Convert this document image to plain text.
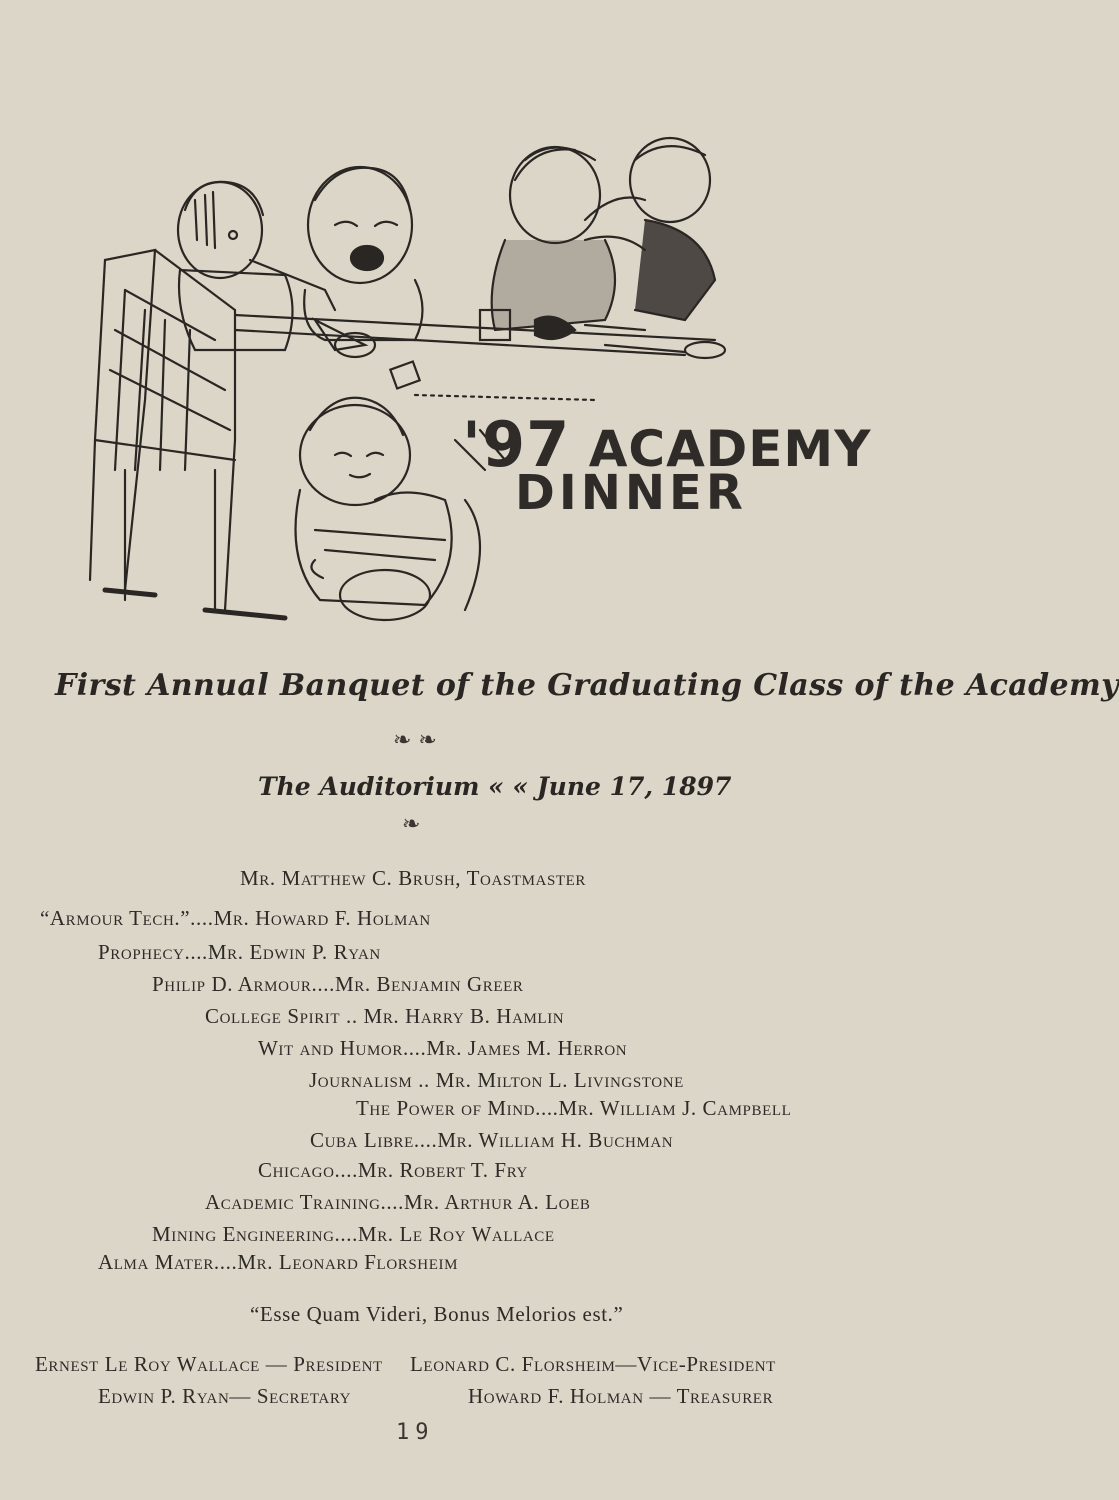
'97 ACADEMY
DINNER
First Annual Banquet of the Graduating Class of the Academy
❧ ❧
The Auditorium « « June 17, 1897
❧
Mr. Matthew C. Brush, Toastmaster
“Armour Tech.”....Mr. Howard F. Holman
Prophecy....Mr. Edwin P. Ryan
Philip D. Armour....Mr. Benjamin Greer
College Spirit .. Mr. Harry B. Hamlin
Wit and Humor....Mr. James M. Herron
Journalism .. Mr. Milton L. Livingstone
The Power of Mind....Mr. William J. Campbell
Cuba Libre....Mr. William H. Buchman
Chicago....Mr. Robert T. Fry
Academic Training....Mr. Arthur A. Loeb
Mining Engineering....Mr. Le Roy Wallace
Alma Mater....Mr. Leonard Florsheim
“Esse Quam Videri, Bonus Melorios est.”
Ernest Le Roy Wallace — President Leonard C. Florsheim—Vice-President
Edwin P. Ryan— Secretary	Howard F. Holman — Treasurer
19
